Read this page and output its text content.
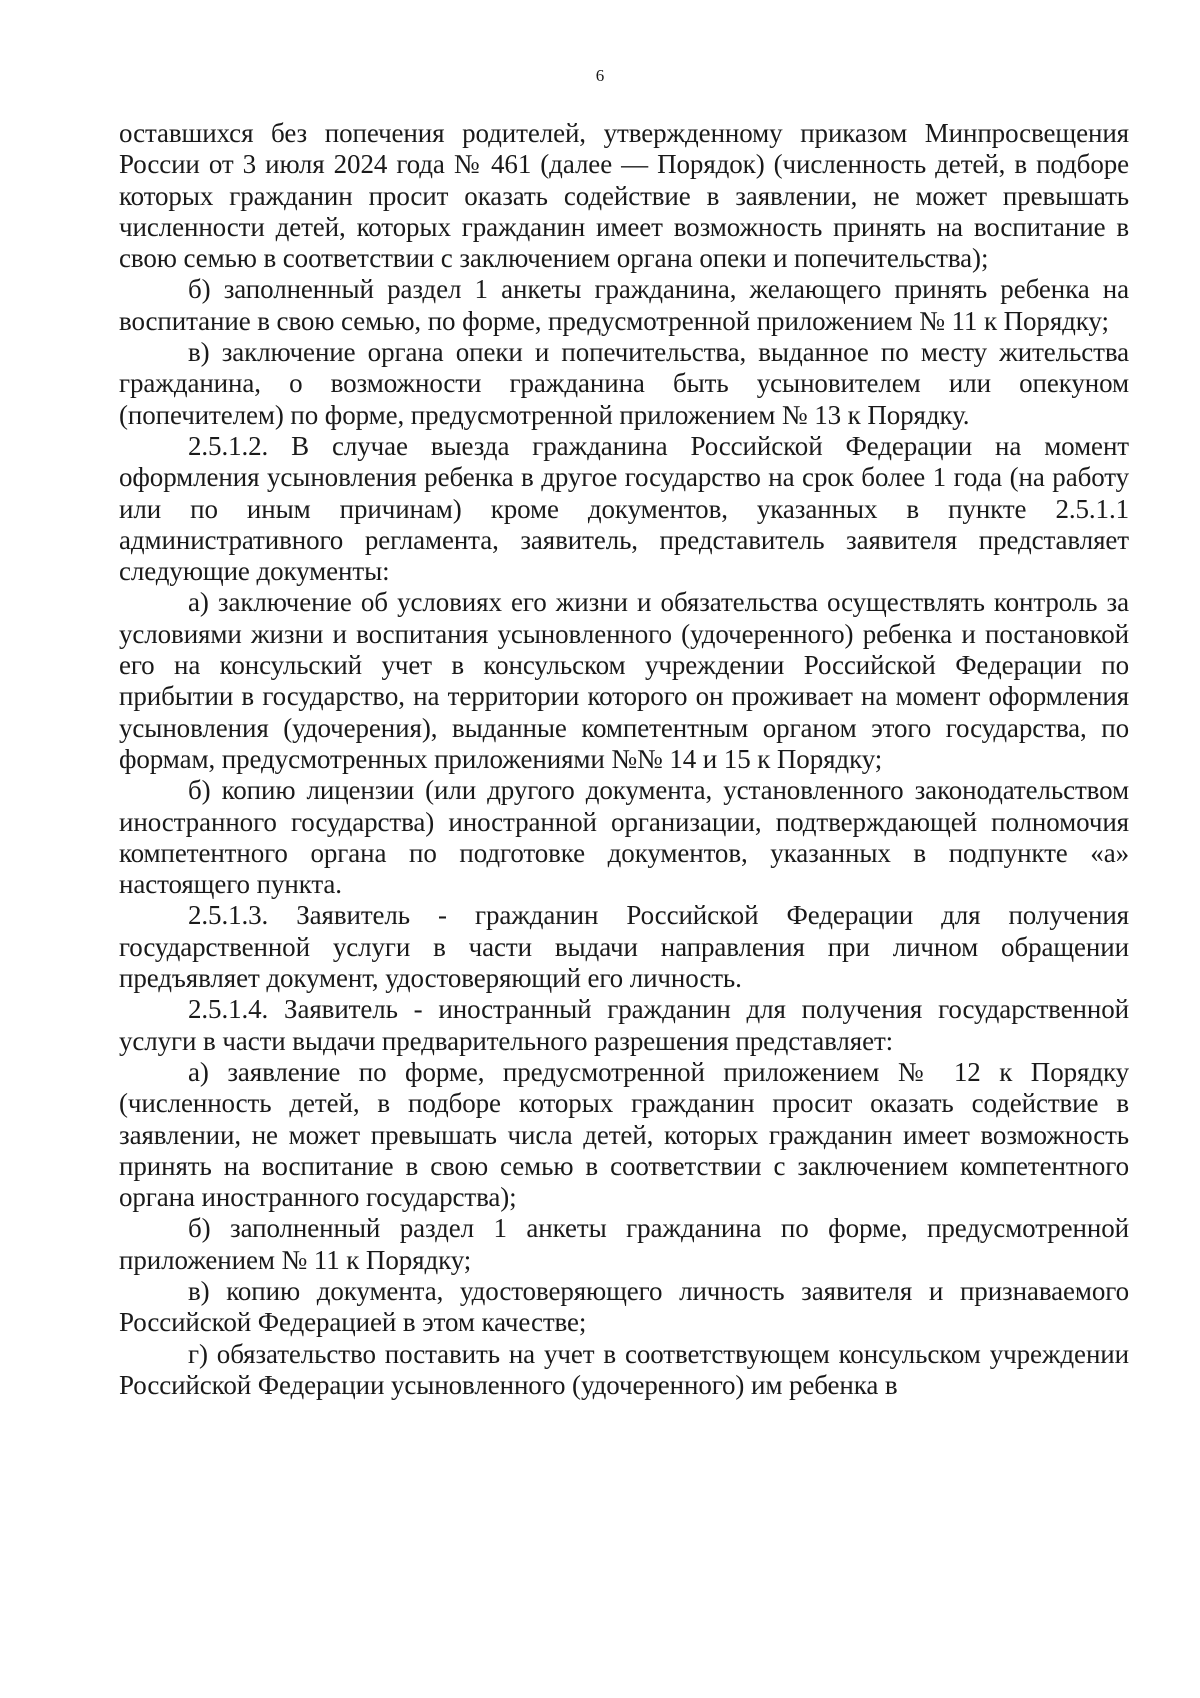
6

оставшихся без попечения родителей, утвержденному приказом Минпросвещения России от 3 июля 2024 года № 461 (далее — Порядок) (численность детей, в подборе которых гражданин просит оказать содействие в заявлении, не может превышать численности детей, которых гражданин имеет возможность принять на воспитание в свою семью в соответствии с заключением органа опеки и попечительства);

б) заполненный раздел 1 анкеты гражданина, желающего принять ребенка на воспитание в свою семью, по форме, предусмотренной приложением № 11 к Порядку;

в) заключение органа опеки и попечительства, выданное по месту жительства гражданина, о возможности гражданина быть усыновителем или опекуном (попечителем) по форме, предусмотренной приложением № 13 к Порядку.

2.5.1.2. В случае выезда гражданина Российской Федерации на момент оформления усыновления ребенка в другое государство на срок более 1 года (на работу или по иным причинам) кроме документов, указанных в пункте 2.5.1.1 административного регламента, заявитель, представитель заявителя представляет следующие документы:

а) заключение об условиях его жизни и обязательства осуществлять контроль за условиями жизни и воспитания усыновленного (удочеренного) ребенка и постановкой его на консульский учет в консульском учреждении Российской Федерации по прибытии в государство, на территории которого он проживает на момент оформления усыновления (удочерения), выданные компетентным органом этого государства, по формам, предусмотренных приложениями №№ 14 и 15 к Порядку;

б) копию лицензии (или другого документа, установленного законодательством иностранного государства) иностранной организации, подтверждающей полномочия компетентного органа по подготовке документов, указанных в подпункте «а» настоящего пункта.

2.5.1.3. Заявитель - гражданин Российской Федерации для получения государственной услуги в части выдачи направления при личном обращении предъявляет документ, удостоверяющий его личность.

2.5.1.4. Заявитель - иностранный гражданин для получения государственной услуги в части выдачи предварительного разрешения представляет:

а) заявление по форме, предусмотренной приложением № 12 к Порядку (численность детей, в подборе которых гражданин просит оказать содействие в заявлении, не может превышать числа детей, которых гражданин имеет возможность принять на воспитание в свою семью в соответствии с заключением компетентного органа иностранного государства);

б) заполненный раздел 1 анкеты гражданина по форме, предусмотренной приложением № 11 к Порядку;

в) копию документа, удостоверяющего личность заявителя и признаваемого Российской Федерацией в этом качестве;

г) обязательство поставить на учет в соответствующем консульском учреждении Российской Федерации усыновленного (удочеренного) им ребенка в
